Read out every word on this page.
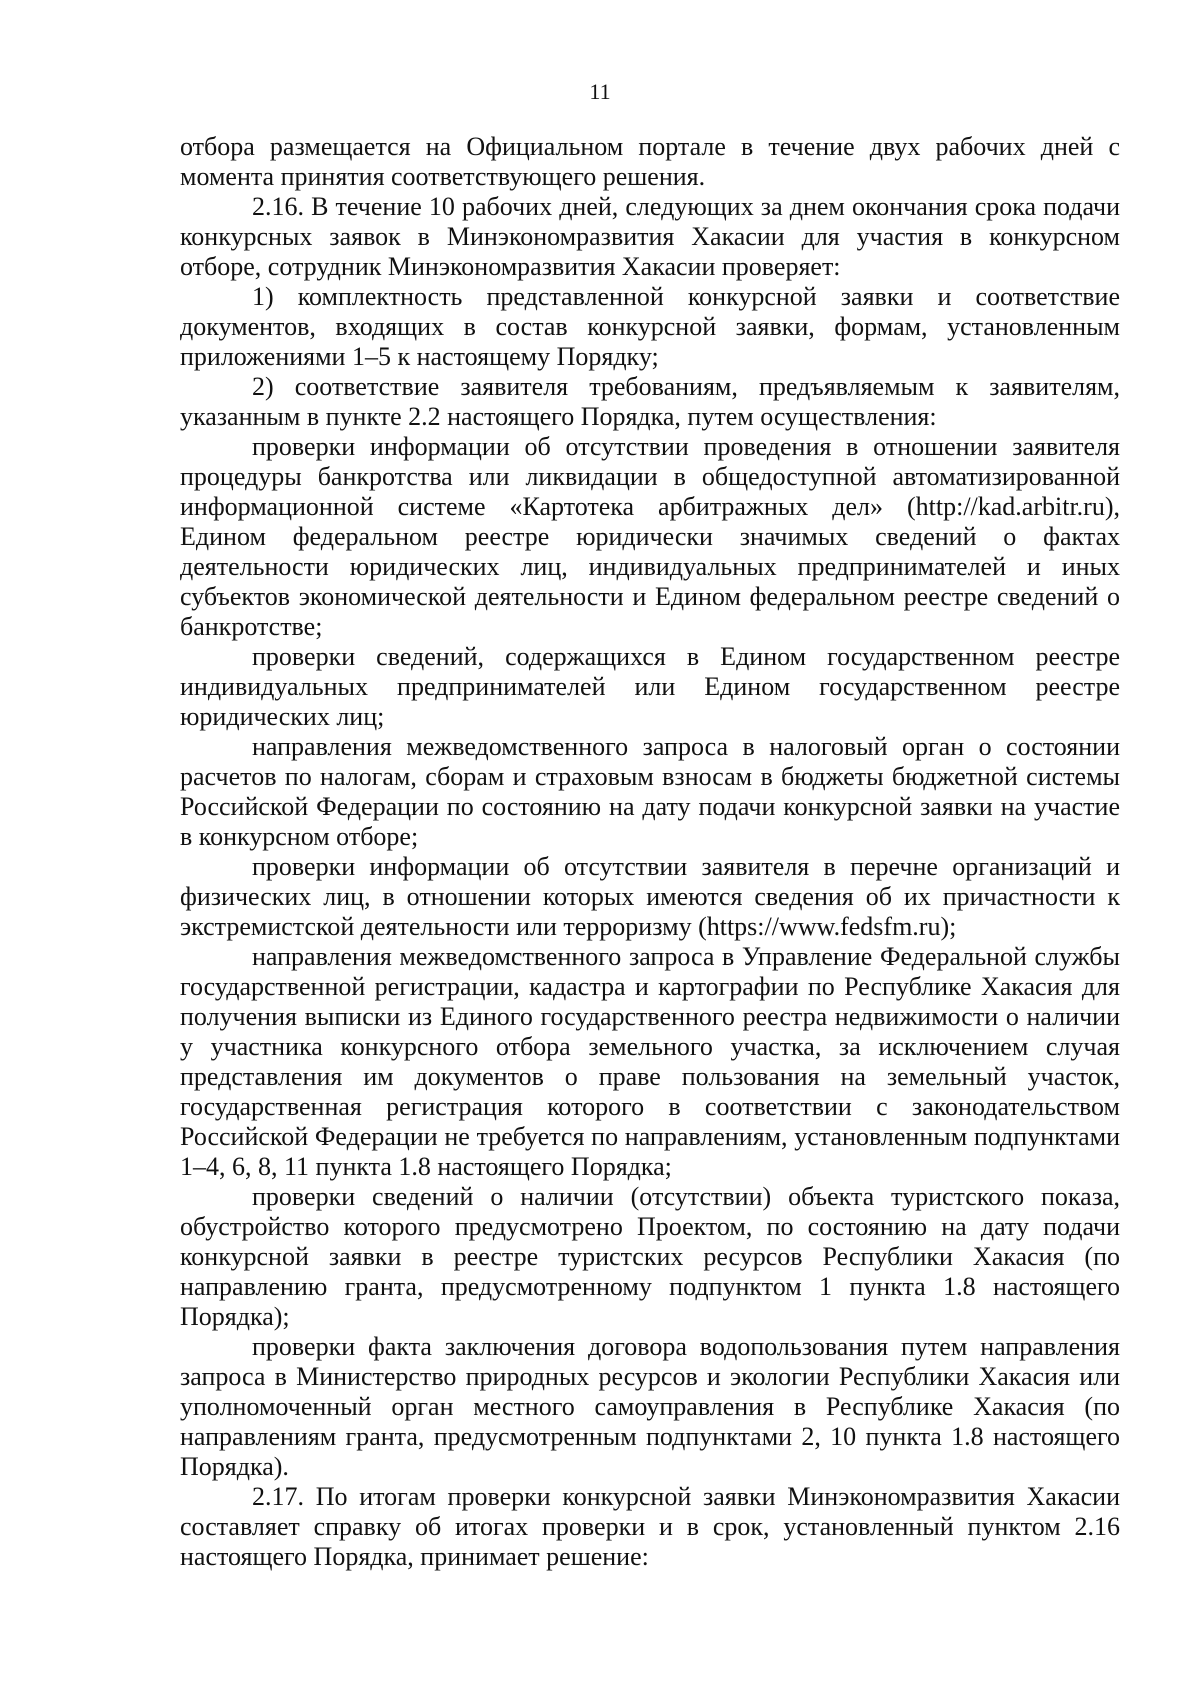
11

отбора размещается на Официальном портале в течение двух рабочих дней с момента принятия соответствующего решения.

2.16. В течение 10 рабочих дней, следующих за днем окончания срока подачи конкурсных заявок в Минэкономразвития Хакасии для участия в конкурсном отборе, сотрудник Минэкономразвития Хакасии проверяет:

1) комплектность представленной конкурсной заявки и соответствие документов, входящих в состав конкурсной заявки, формам, установленным приложениями 1–5 к настоящему Порядку;

2) соответствие заявителя требованиям, предъявляемым к заявителям, указанным в пункте 2.2 настоящего Порядка, путем осуществления:

проверки информации об отсутствии проведения в отношении заявителя процедуры банкротства или ликвидации в общедоступной автоматизированной информационной системе «Картотека арбитражных дел» (http://kad.arbitr.ru), Едином федеральном реестре юридически значимых сведений о фактах деятельности юридических лиц, индивидуальных предпринимателей и иных субъектов экономической деятельности и Едином федеральном реестре сведений о банкротстве;

проверки сведений, содержащихся в Едином государственном реестре индивидуальных предпринимателей или Едином государственном реестре юридических лиц;

направления межведомственного запроса в налоговый орган о состоянии расчетов по налогам, сборам и страховым взносам в бюджеты бюджетной системы Российской Федерации по состоянию на дату подачи конкурсной заявки на участие в конкурсном отборе;

проверки информации об отсутствии заявителя в перечне организаций и физических лиц, в отношении которых имеются сведения об их причастности к экстремистской деятельности или терроризму (https://www.fedsfm.ru);

направления межведомственного запроса в Управление Федеральной службы государственной регистрации, кадастра и картографии по Республике Хакасия для получения выписки из Единого государственного реестра недвижимости о наличии у участника конкурсного отбора земельного участка, за исключением случая представления им документов о праве пользования на земельный участок, государственная регистрация которого в соответствии с законодательством Российской Федерации не требуется по направлениям, установленным подпунктами 1–4, 6, 8, 11 пункта 1.8 настоящего Порядка;

проверки сведений о наличии (отсутствии) объекта туристского показа, обустройство которого предусмотрено Проектом, по состоянию на дату подачи конкурсной заявки в реестре туристских ресурсов Республики Хакасия (по направлению гранта, предусмотренному подпунктом 1 пункта 1.8 настоящего Порядка);

проверки факта заключения договора водопользования путем направления запроса в Министерство природных ресурсов и экологии Республики Хакасия или уполномоченный орган местного самоуправления в Республике Хакасия (по направлениям гранта, предусмотренным подпунктами 2, 10 пункта 1.8 настоящего Порядка).

2.17. По итогам проверки конкурсной заявки Минэкономразвития Хакасии составляет справку об итогах проверки и в срок, установленный пунктом 2.16 настоящего Порядка, принимает решение:
